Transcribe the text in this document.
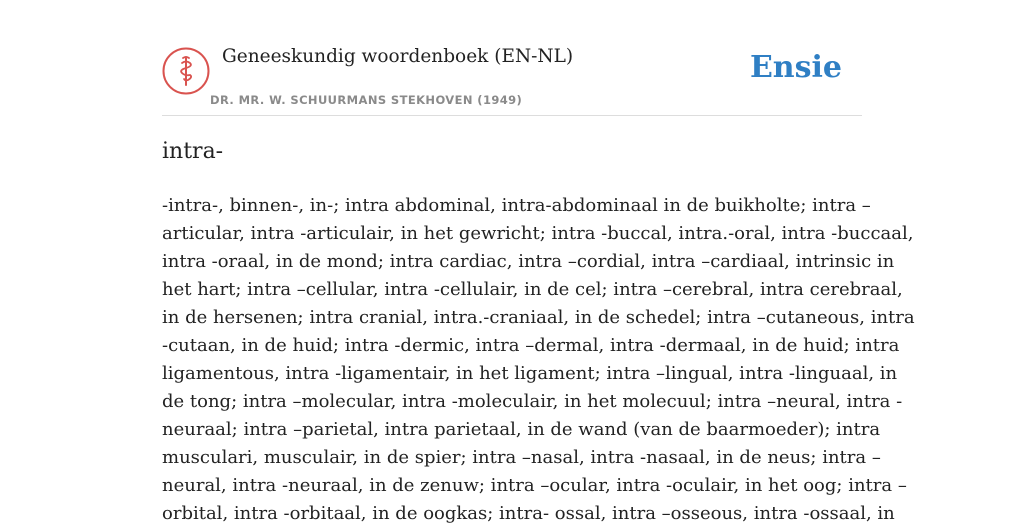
Geneeskundig woordenboek (EN-NL)
DR. MR. W. SCHUURMANS STEKHOVEN (1949)
Ensie
intra-
-intra-, binnen-, in-; intra abdominal, intra-abdominaal in de buikholte; intra –
articular, intra -articulair, in het gewricht; intra -buccal, intra.-oral, intra -buccaal,
intra -oraal, in de mond; intra cardiac, intra –cordial, intra –cardiaal, intrinsic in
het hart; intra –cellular, intra -cellulair, in de cel; intra –cerebral, intra cerebraal,
in de hersenen; intra cranial, intra.-craniaal, in de schedel; intra –cutaneous, intra
-cutaan, in de huid; intra -dermic, intra –dermal, intra -dermaal, in de huid; intra
ligamentous, intra -ligamentair, in het ligament; intra –lingual, intra -linguaal, in
de tong; intra –molecular, intra -moleculair, in het molecuul; intra –neural, intra -
neuraal; intra –parietal, intra parietaal, in de wand (van de baarmoeder); intra
musculari, musculair, in de spier; intra –nasal, intra -nasaal, in de neus; intra –
neural, intra -neuraal, in de zenuw; intra –ocular, intra -oculair, in het oog; intra –
orbital, intra -orbitaal, in de oogkas; intra- ossal, intra –osseous, intra -ossaal, in
